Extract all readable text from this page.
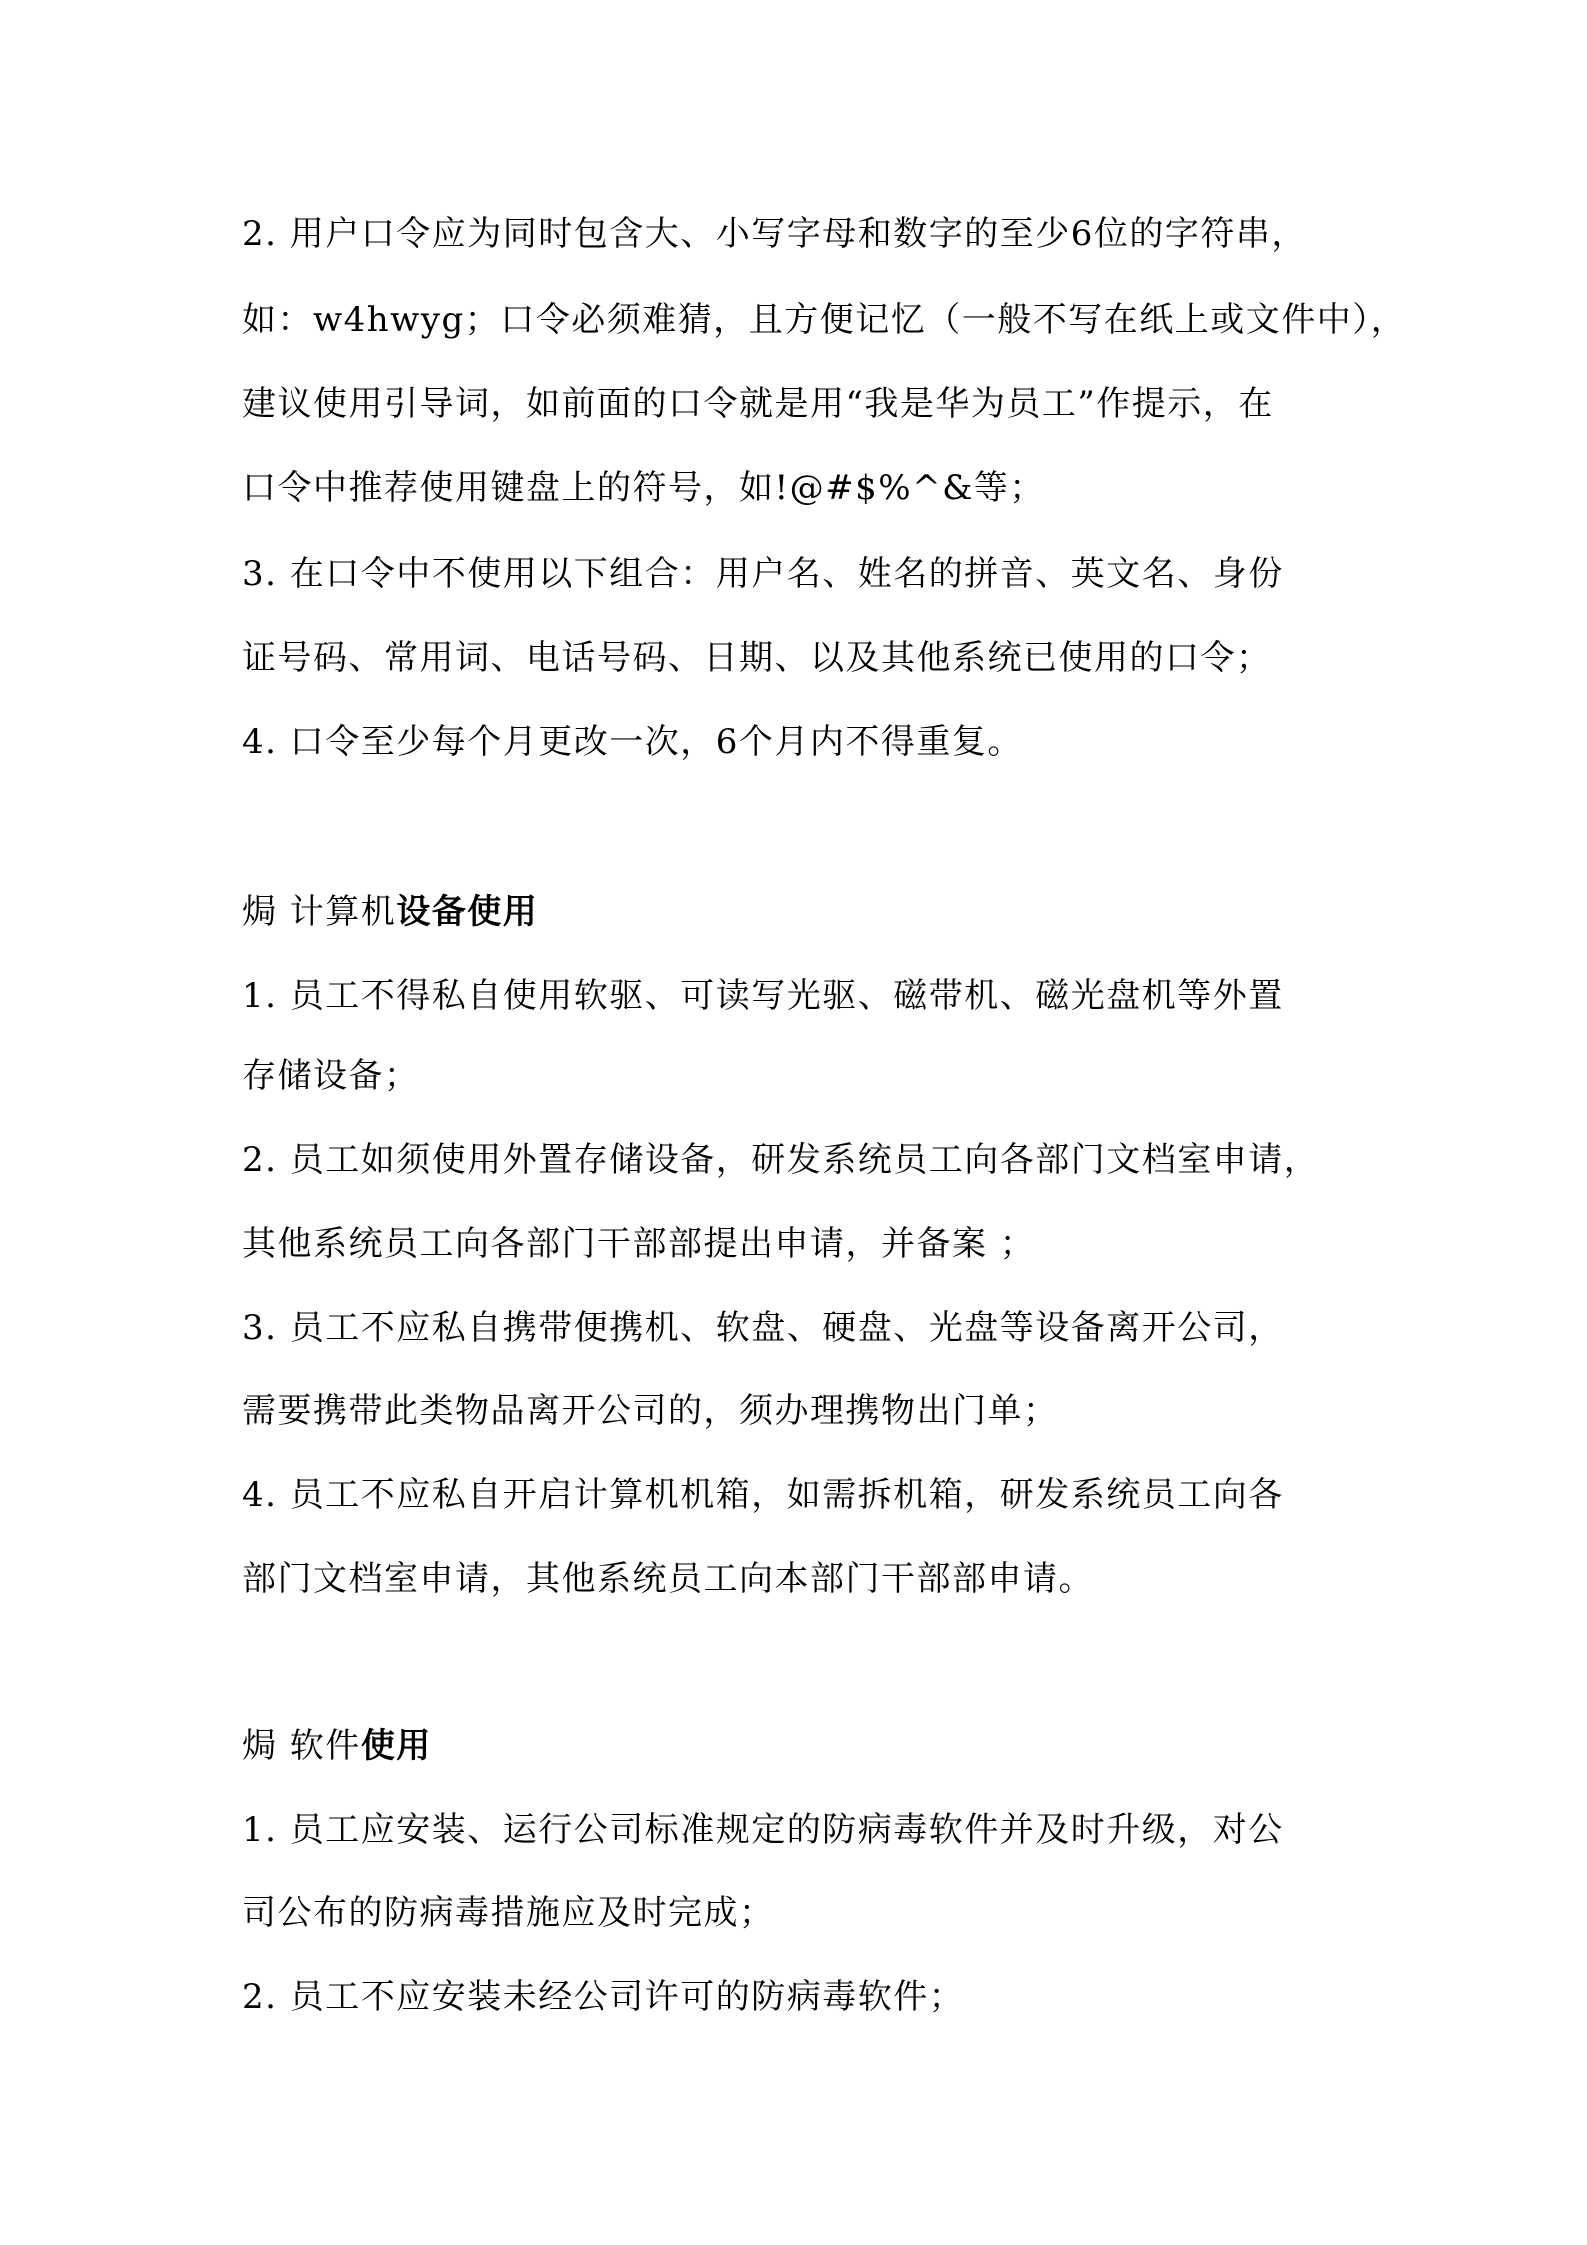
2. 用户口令应为同时包含大、小写字母和数字的至少6位的字符串，
如：w4hwyg；口令必须难猜，且方便记忆（一般不写在纸上或文件中），
建议使用引导词，如前面的口令就是用“我是华为员工”作提示，在
口令中推荐使用键盘上的符号，如!@#$%^&等；
3. 在口令中不使用以下组合：用户名、姓名的拼音、英文名、身份
证号码、常用词、电话号码、日期、以及其他系统已使用的口令；
4. 口令至少每个月更改一次，6个月内不得重复。
焗 计算机设备使用
1. 员工不得私自使用软驱、可读写光驱、磁带机、磁光盘机等外置
存储设备；
2. 员工如须使用外置存储设备，研发系统员工向各部门文档室申请，
其他系统员工向各部门干部部提出申请，并备案 ；
3. 员工不应私自携带便携机、软盘、硬盘、光盘等设备离开公司，
需要携带此类物品离开公司的，须办理携物出门单；
4. 员工不应私自开启计算机机箱，如需拆机箱，研发系统员工向各
部门文档室申请，其他系统员工向本部门干部部申请。
焗 软件使用
1. 员工应安装、运行公司标准规定的防病毒软件并及时升级，对公
司公布的防病毒措施应及时完成；
2. 员工不应安装未经公司许可的防病毒软件；
